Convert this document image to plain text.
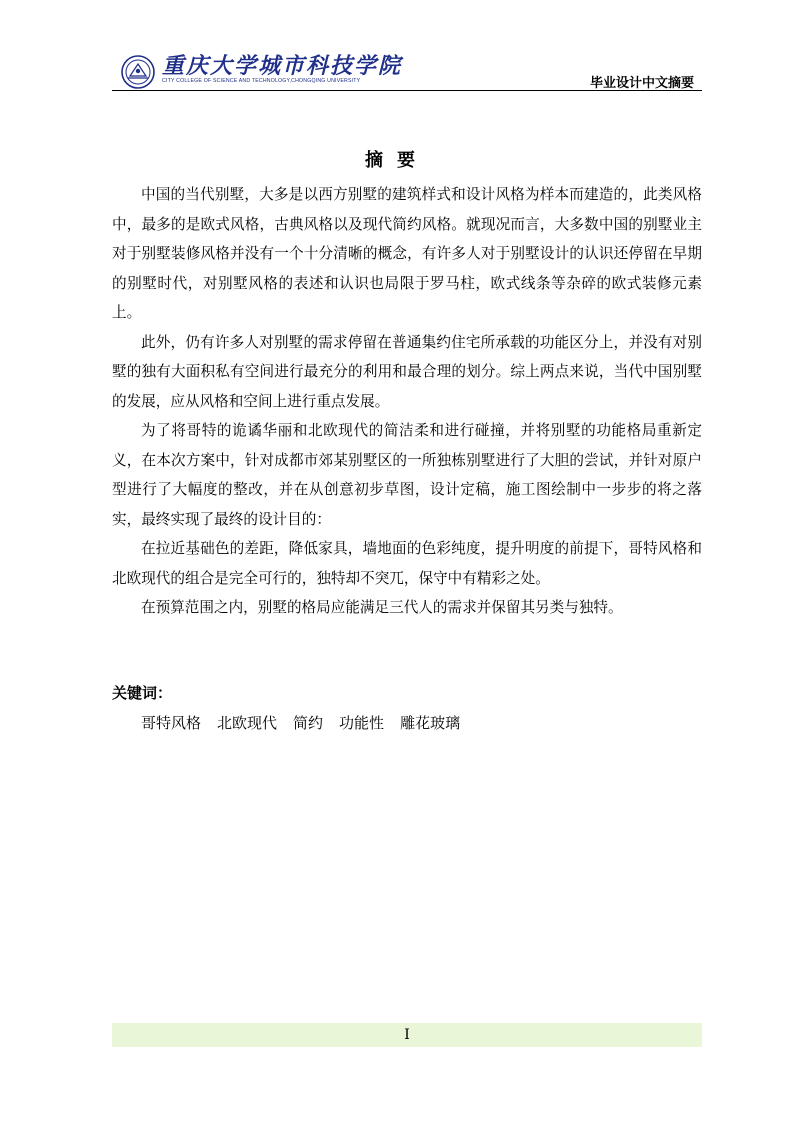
重庆大学城市科技学院
CITY COLLEGE OF SCIENCE AND TECHNOLOGY,CHONGQING UNIVERSITY	毕业设计中文摘要
摘要

中国的当代别墅，大多是以西方别墅的建筑样式和设计风格为样本而建造的，此类风格中，最多的是欧式风格，古典风格以及现代简约风格。就现况而言，大多数中国的别墅业主对于别墅装修风格并没有一个十分清晰的概念，有许多人对于别墅设计的认识还停留在早期的别墅时代，对别墅风格的表述和认识也局限于罗马柱，欧式线条等杂碎的欧式装修元素上。

此外，仍有许多人对别墅的需求停留在普通集约住宅所承载的功能区分上，并没有对别墅的独有大面积私有空间进行最充分的利用和最合理的划分。综上两点来说，当代中国别墅的发展，应从风格和空间上进行重点发展。

为了将哥特的诡谲华丽和北欧现代的简洁柔和进行碰撞，并将别墅的功能格局重新定义，在本次方案中，针对成都市郊某别墅区的一所独栋别墅进行了大胆的尝试，并针对原户型进行了大幅度的整改，并在从创意初步草图，设计定稿，施工图绘制中一步步的将之落实，最终实现了最终的设计目的：

在拉近基础色的差距，降低家具，墙地面的色彩纯度，提升明度的前提下，哥特风格和北欧现代的组合是完全可行的，独特却不突兀，保守中有精彩之处。

在预算范围之内，别墅的格局应能满足三代人的需求并保留其另类与独特。

关键词：
哥特风格 北欧现代 简约 功能性 雕花玻璃
I
